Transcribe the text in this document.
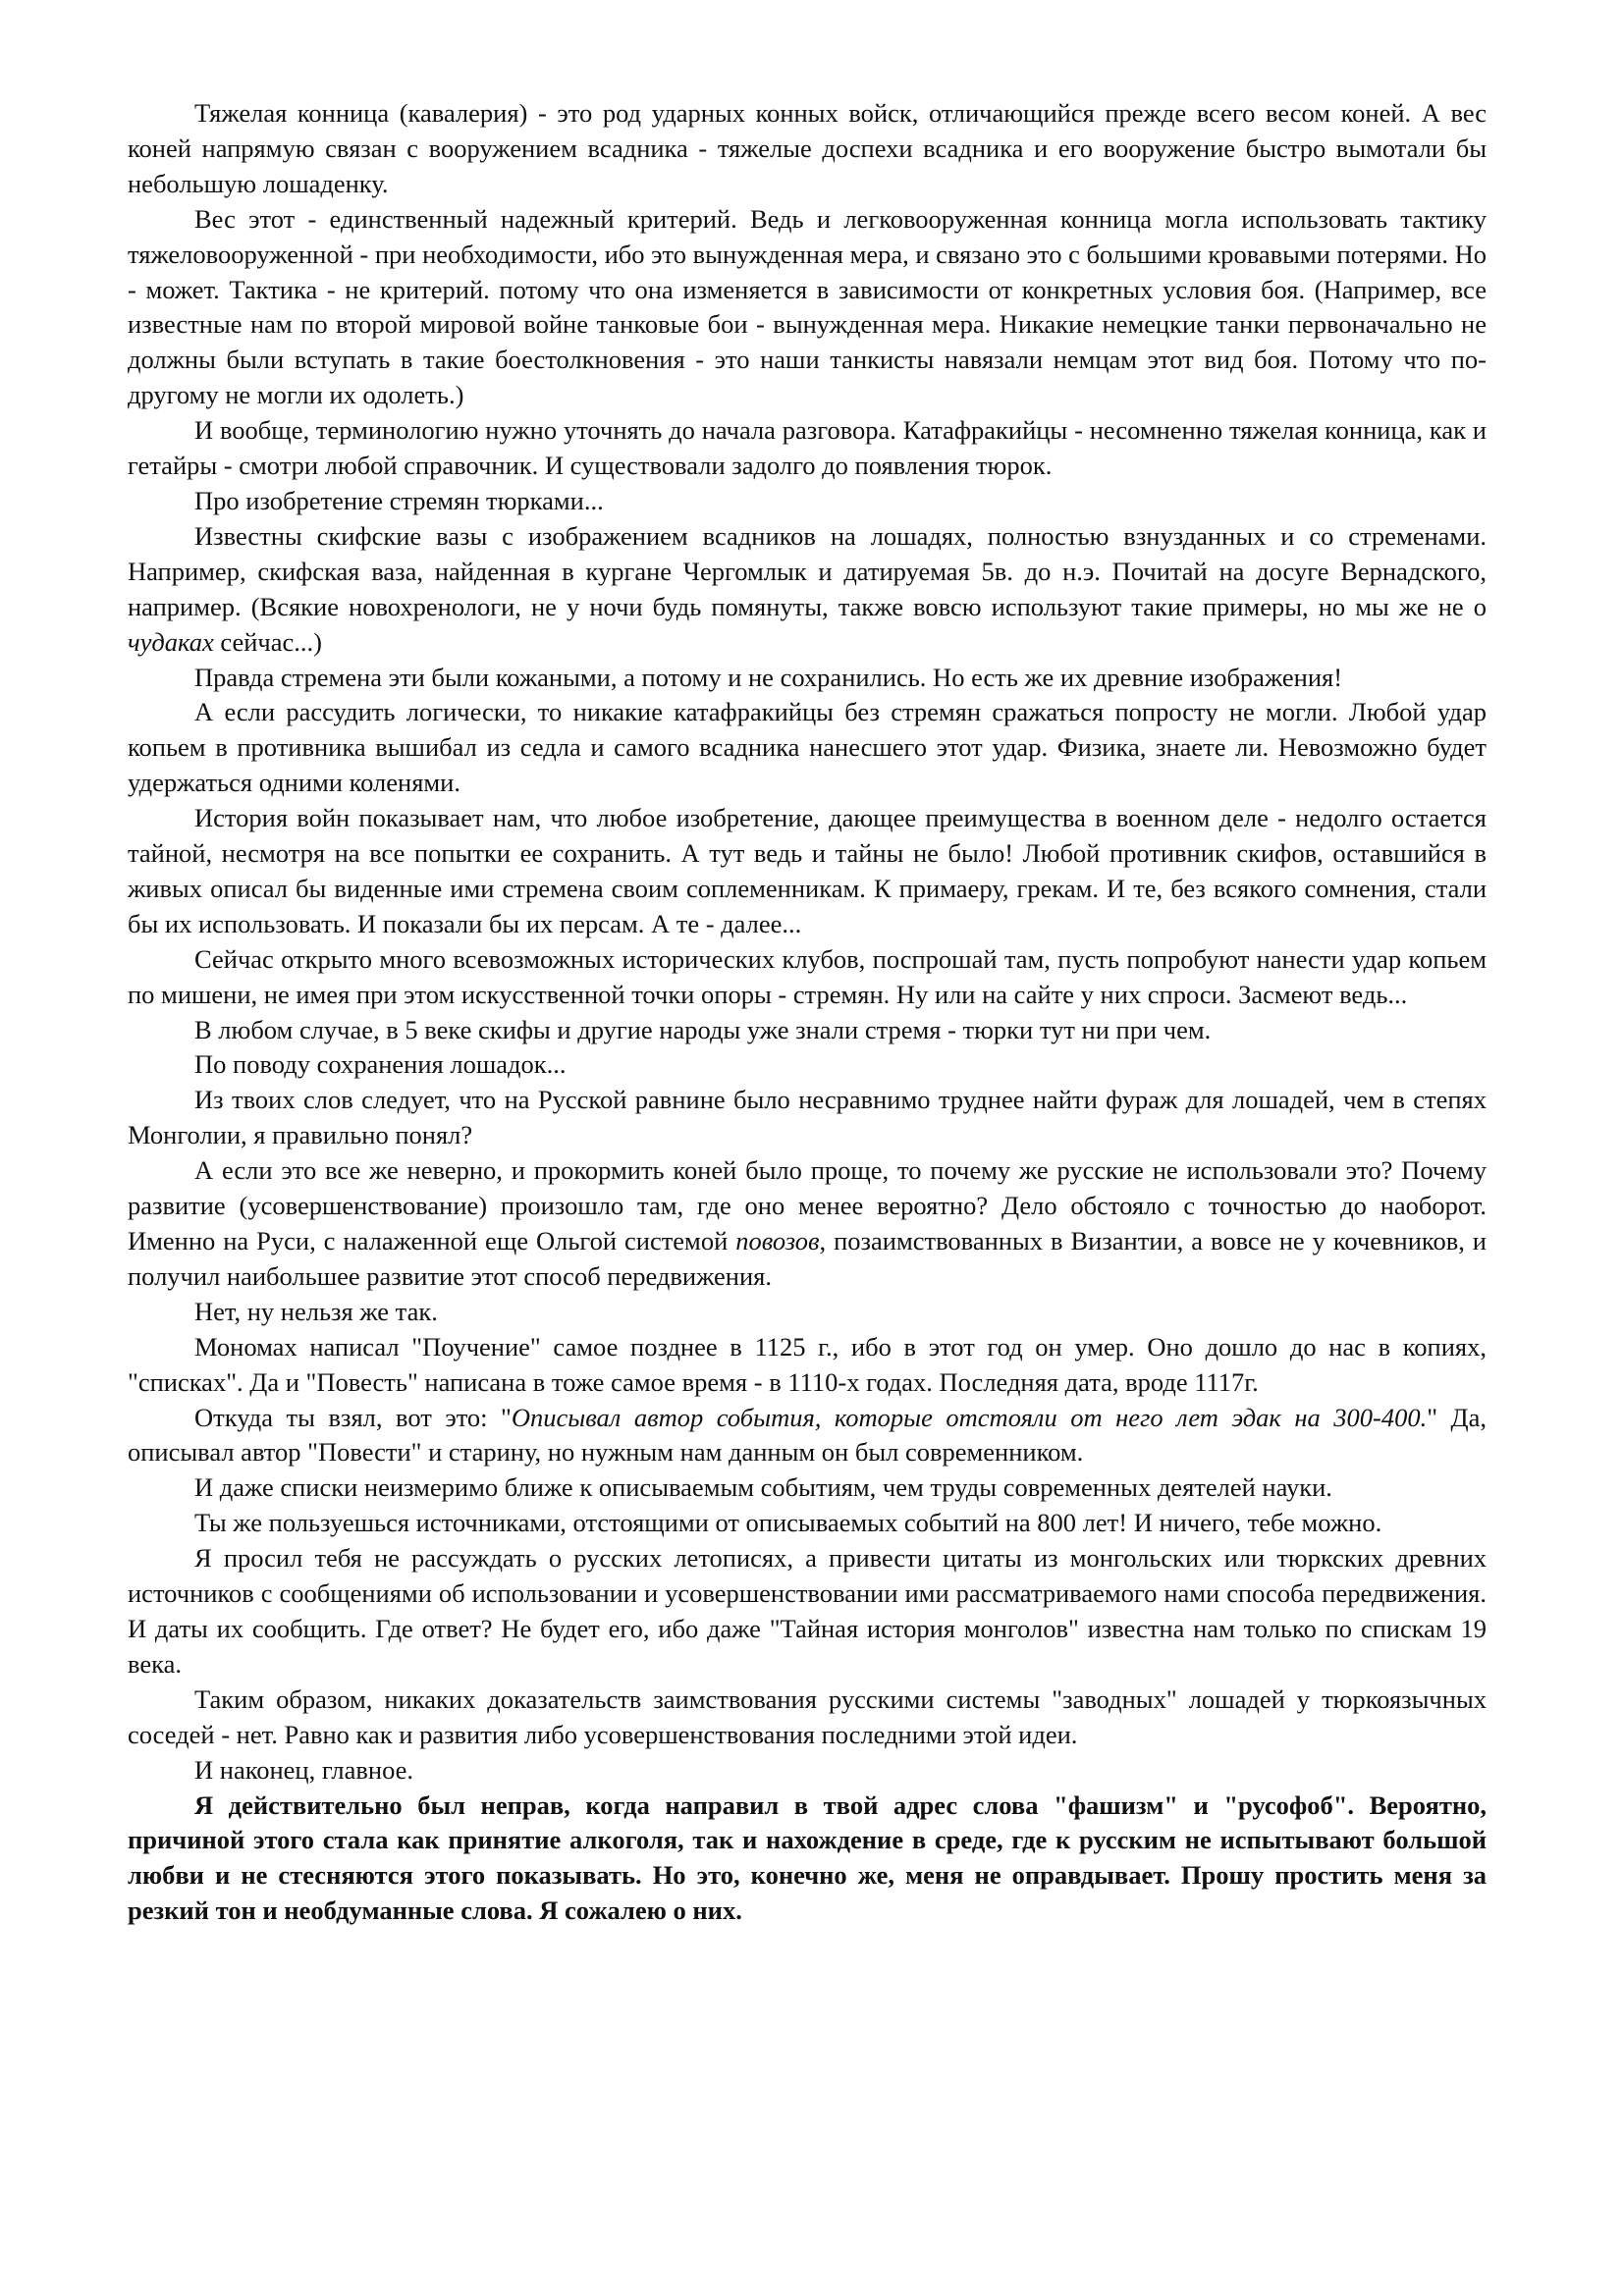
Тяжелая конница (кавалерия) - это род ударных конных войск, отличающийся прежде всего весом коней. А вес коней напрямую связан с вооружением всадника - тяжелые доспехи всадника и его вооружение быстро вымотали бы небольшую лошаденку.

Вес этот - единственный надежный критерий. Ведь и легковооруженная конница могла использовать тактику тяжеловооруженной - при необходимости, ибо это вынужденная мера, и связано это с большими кровавыми потерями. Но - может. Тактика - не критерий. потому что она изменяется в зависимости от конкретных условия боя. (Например, все известные нам по второй мировой войне танковые бои - вынужденная мера. Никакие немецкие танки первоначально не должны были вступать в такие боестолкновения - это наши танкисты навязали немцам этот вид боя. Потому что по-другому не могли их одолеть.)

И вообще, терминологию нужно уточнять до начала разговора. Катафракийцы - несомненно тяжелая конница, как и гетайры - смотри любой справочник. И существовали задолго до появления тюрок.

Про изобретение стремян тюрками...

Известны скифские вазы с изображением всадников на лошадях, полностью взнузданных и со стременами. Например, скифская ваза, найденная в кургане Чергомлык и датируемая 5в. до н.э. Почитай на досуге Вернадского, например. (Всякие новохренологи, не у ночи будь помянуты, также вовсю используют такие примеры, но мы же не о чудаках сейчас...)

Правда стремена эти были кожаными, а потому и не сохранились. Но есть же их древние изображения!

А если рассудить логически, то никакие катафракийцы без стремян сражаться попросту не могли. Любой удар копьем в противника вышибал из седла и самого всадника нанесшего этот удар. Физика, знаете ли. Невозможно будет удержаться одними коленями.

История войн показывает нам, что любое изобретение, дающее преимущества в военном деле - недолго остается тайной, несмотря на все попытки ее сохранить. А тут ведь и тайны не было! Любой противник скифов, оставшийся в живых описал бы виденные ими стремена своим соплеменникам. К примаеру, грекам. И те, без всякого сомнения, стали бы их использовать. И показали бы их персам. А те - далее...

Сейчас открыто много всевозможных исторических клубов, поспрошай там, пусть попробуют нанести удар копьем по мишени, не имея при этом искусственной точки опоры - стремян. Ну или на сайте у них спроси. Засмеют ведь...

В любом случае, в 5 веке скифы и другие народы уже знали стремя - тюрки тут ни при чем.

По поводу сохранения лошадок...

Из твоих слов следует, что на Русской равнине было несравнимо труднее найти фураж для лошадей, чем в степях Монголии, я правильно понял?

А если это все же неверно, и прокормить коней было проще, то почему же русские не использовали это? Почему развитие (усовершенствование) произошло там, где оно менее вероятно? Дело обстояло с точностью до наоборот. Именно на Руси, с налаженной еще Ольгой системой повозов, позаимствованных в Византии, а вовсе не у кочевников, и получил наибольшее развитие этот способ передвижения.

Нет, ну нельзя же так.

Мономах написал "Поучение" самое позднее в 1125 г., ибо в этот год он умер. Оно дошло до нас в копиях, "списках". Да и "Повесть" написана в тоже самое время - в 1110-х годах. Последняя дата, вроде 1117г.

Откуда ты взял, вот это: "Описывал автор события, которые отстояли от него лет эдак на 300-400." Да, описывал автор "Повести" и старину, но нужным нам данным он был современником.

И даже списки неизмеримо ближе к описываемым событиям, чем труды современных деятелей науки.

Ты же пользуешься источниками, отстоящими от описываемых событий на 800 лет! И ничего, тебе можно.

Я просил тебя не рассуждать о русских летописях, а привести цитаты из монгольских или тюркских древних источников с сообщениями об использовании и усовершенствовании ими рассматриваемого нами способа передвижения. И даты их сообщить. Где ответ? Не будет его, ибо даже "Тайная история монголов" известна нам только по спискам 19 века.

Таким образом, никаких доказательств заимствования русскими системы "заводных" лошадей у тюркоязычных соседей - нет. Равно как и развития либо усовершенствования последними этой идеи.

И наконец, главное.

Я действительно был неправ, когда направил в твой адрес слова "фашизм" и "русофоб". Вероятно, причиной этого стала как принятие алкоголя, так и нахождение в среде, где к русским не испытывают большой любви и не стесняются этого показывать. Но это, конечно же, меня не оправдывает. Прошу простить меня за резкий тон и необдуманные слова. Я сожалею о них.
